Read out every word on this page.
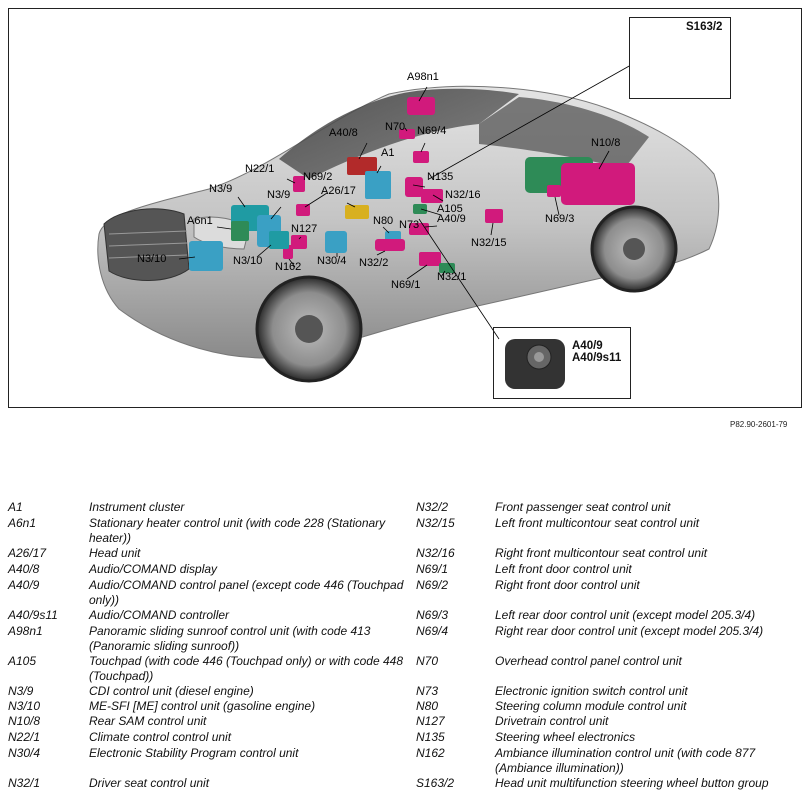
S163/2
A40/9
A40/9s11
A98n1
A40/8 N70 N69/4
A1
N22/1
N69/2	N135
N3/9	A26/17	N32/16
N3/9
A105
A40/9
N80 N73
A6n1
N127
N32/15
N3/10	N3/10	N30/4 N32/2
N162
N32/1
N69/1
N10/8
N69/3
P82.90-2601-79
A1	Instrument cluster
A6n1	Stationary heater control unit (with code 228 (Stationary heater))
A26/17	Head unit
A40/8	Audio/COMAND display
A40/9	Audio/COMAND control panel (except code 446 (Touchpad only))
A40/9s11	Audio/COMAND controller
A98n1	Panoramic sliding sunroof control unit (with code 413 (Panoramic sliding sunroof))
A105	Touchpad (with code 446 (Touchpad only) or with code 448 (Touchpad))
N3/9	CDI control unit (diesel engine)
N3/10	ME-SFI [ME] control unit (gasoline engine)
N10/8	Rear SAM control unit
N22/1	Climate control control unit
N30/4	Electronic Stability Program control unit
N32/1	Driver seat control unit
N32/2	Front passenger seat control unit
N32/15	Left front multicontour seat control unit
N32/16	Right front multicontour seat control unit
N69/1	Left front door control unit
N69/2	Right front door control unit
N69/3	Left rear door control unit (except model 205.3/4)
N69/4	Right rear door control unit (except model 205.3/4)
N70	Overhead control panel control unit
N73	Electronic ignition switch control unit
N80	Steering column module control unit
N127	Drivetrain control unit
N135	Steering wheel electronics
N162	Ambiance illumination control unit (with code 877 (Ambiance illumination))
S163/2	Head unit multifunction steering wheel button group
